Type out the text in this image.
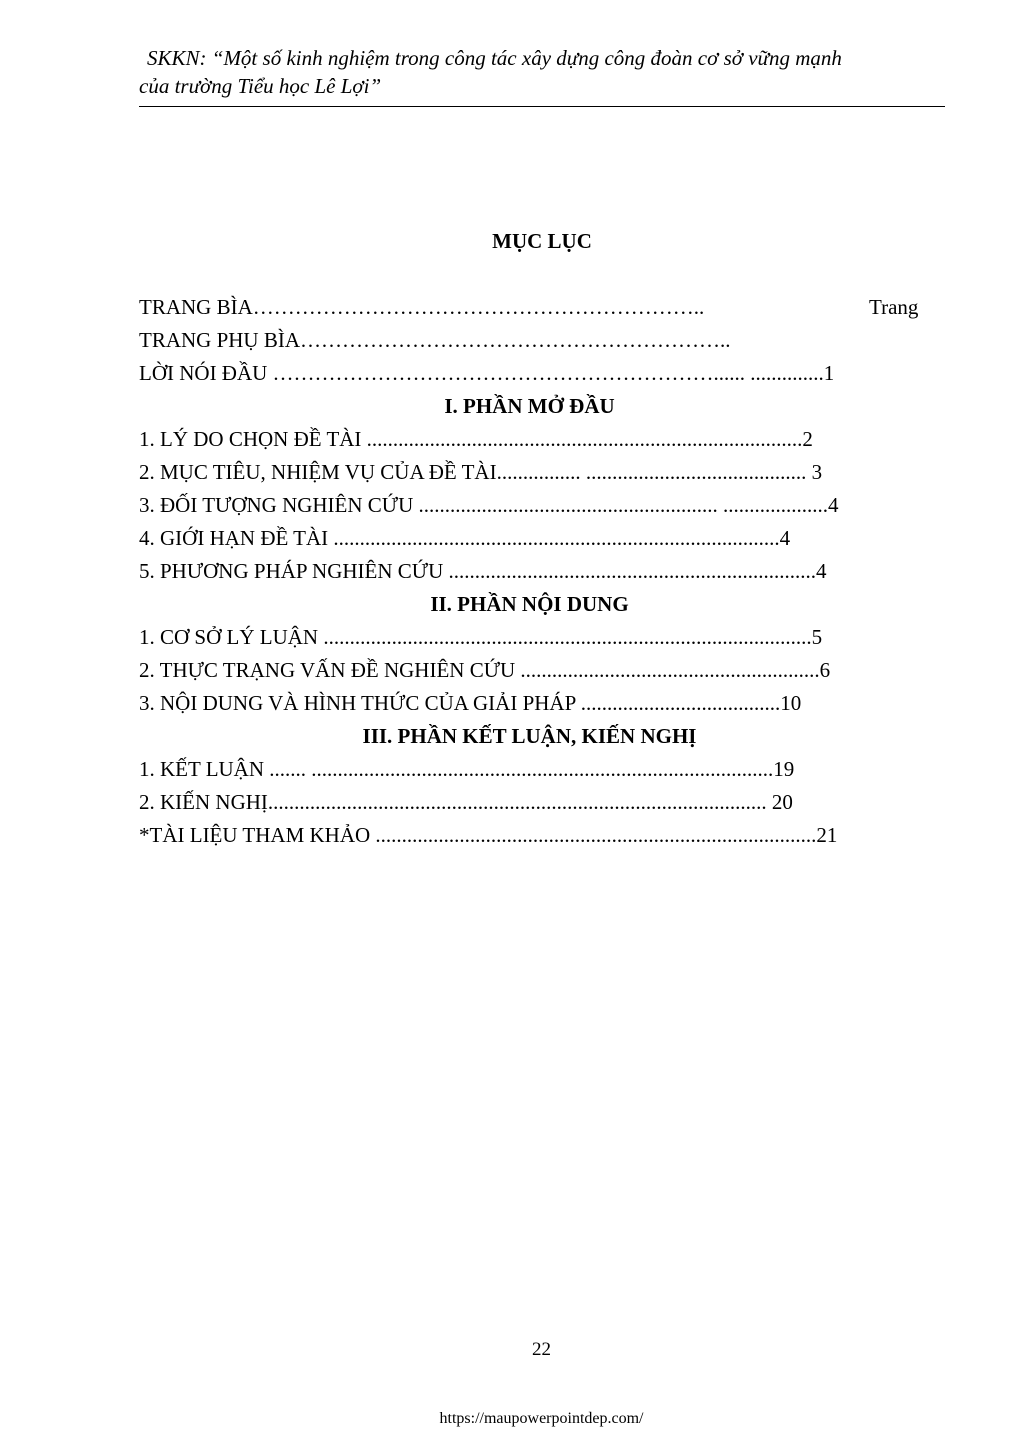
SKKN: “Một số kinh nghiệm trong công tác xây dựng công đoàn cơ sở vững mạnh
của trường Tiểu học Lê Lợi”
MỤC LỤC
TRANG BÌA………………………………………………………..	Trang
TRANG PHỤ BÌA……………………………………………………..
LỜI NÓI ĐẦU ………………………………………………………...... ..............1
I. PHẦN MỞ ĐẦU
1. LÝ DO CHỌN ĐỀ TÀI ...................................................................................2
2. MỤC TIÊU, NHIỆM VỤ CỦA ĐỀ TÀI................ .......................................... 3
3. ĐỐI TƯỢNG NGHIÊN CỨU ......................................................... ....................4
4. GIỚI HẠN ĐỀ TÀI .....................................................................................4
5. PHƯƠNG PHÁP NGHIÊN CỨU ......................................................................4
II. PHẦN NỘI DUNG
1. CƠ SỞ LÝ LUẬN .............................................................................................5
2. THỰC TRẠNG VẤN ĐỀ NGHIÊN CỨU .........................................................6
3. NỘI DUNG VÀ HÌNH THỨC CỦA GIẢI PHÁP ......................................10
III. PHẦN KẾT LUẬN, KIẾN NGHỊ
1. KẾT LUẬN ....... ........................................................................................19
2. KIẾN NGHỊ............................................................................................... 20
*TÀI LIỆU THAM KHẢO ....................................................................................21
22
https://maupowerpointdep.com/
